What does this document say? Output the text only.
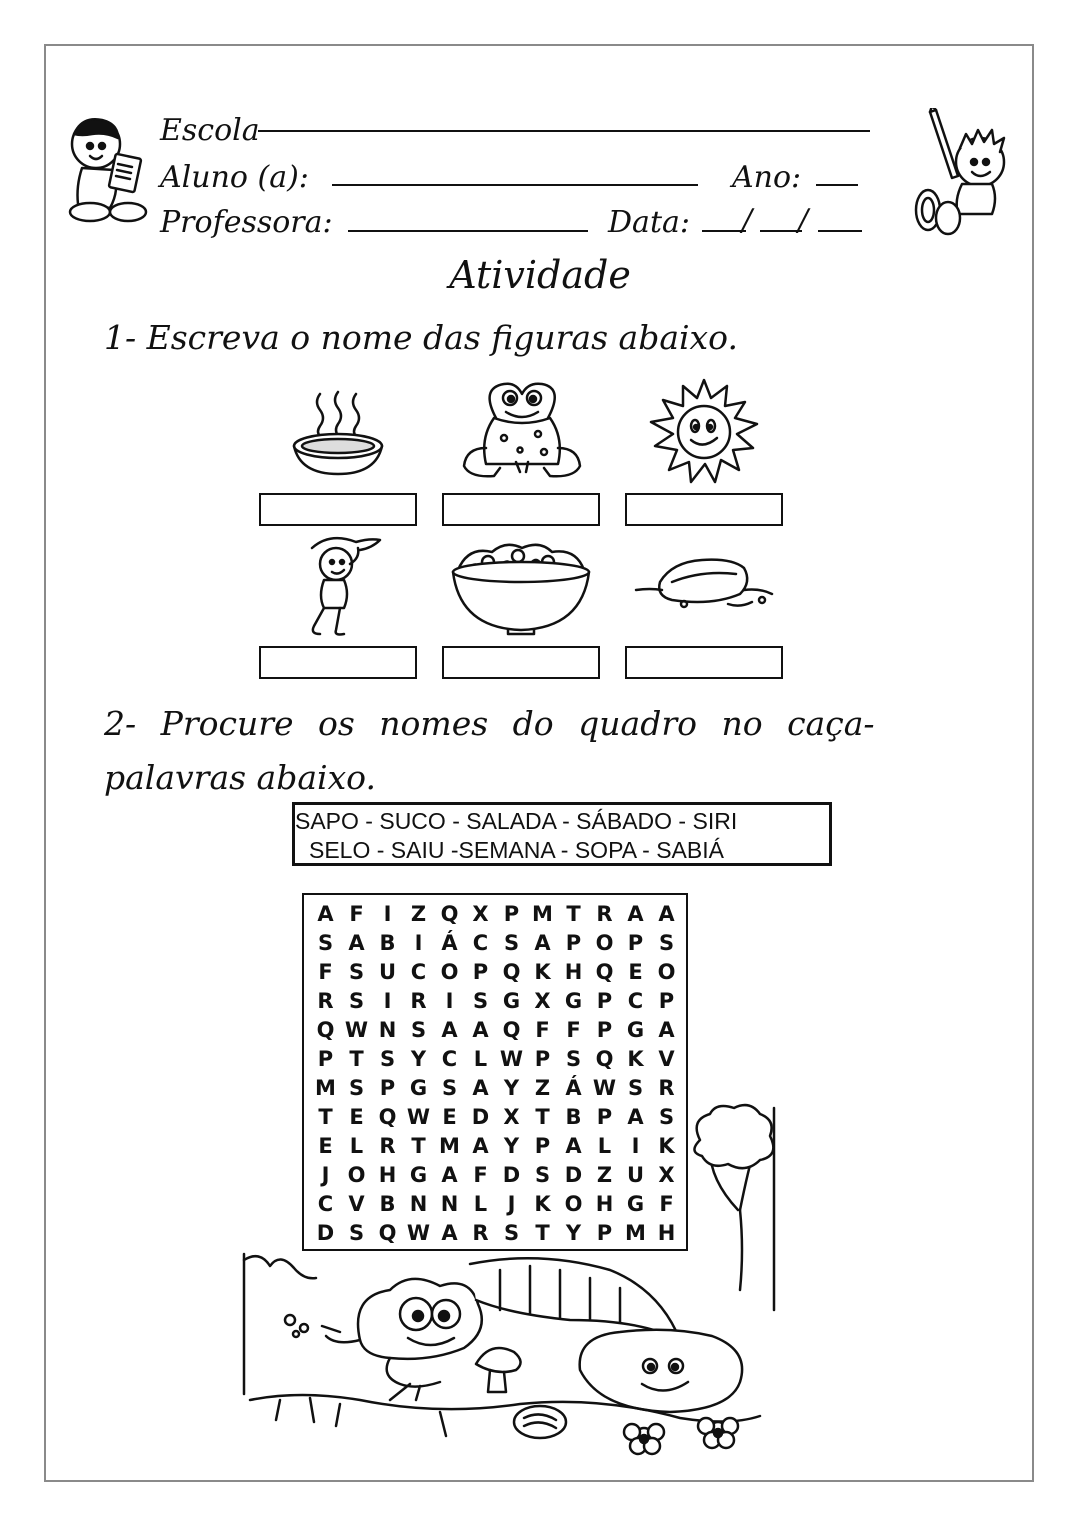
Escola
Aluno (a):	Ano:
Professora:	Data: / /
Atividade
1- Escreva o nome das figuras abaixo.
2- Procure os nomes do quadro no caça-
palavras abaixo.
SAPO - SUCO - SALADA - SÁBADO - SIRI
SELO - SAIU -SEMANA - SOPA - SABIÁ
A F I Z Q X P M T R A A
S A B I Á C S A P O P S
F S U C O P Q K H Q E O
R S I R I S G X G P C P
Q W N S A A Q F F P G A
P T S Y C L W P S Q K V
M S P G S A Y Z Á W S R
T E Q W E D X T B P A S
E L R T M A Y P A L I K
J O H G A F D S D Z U X
C V B N N L J K O H G F
D S Q W A R S T Y P M H
